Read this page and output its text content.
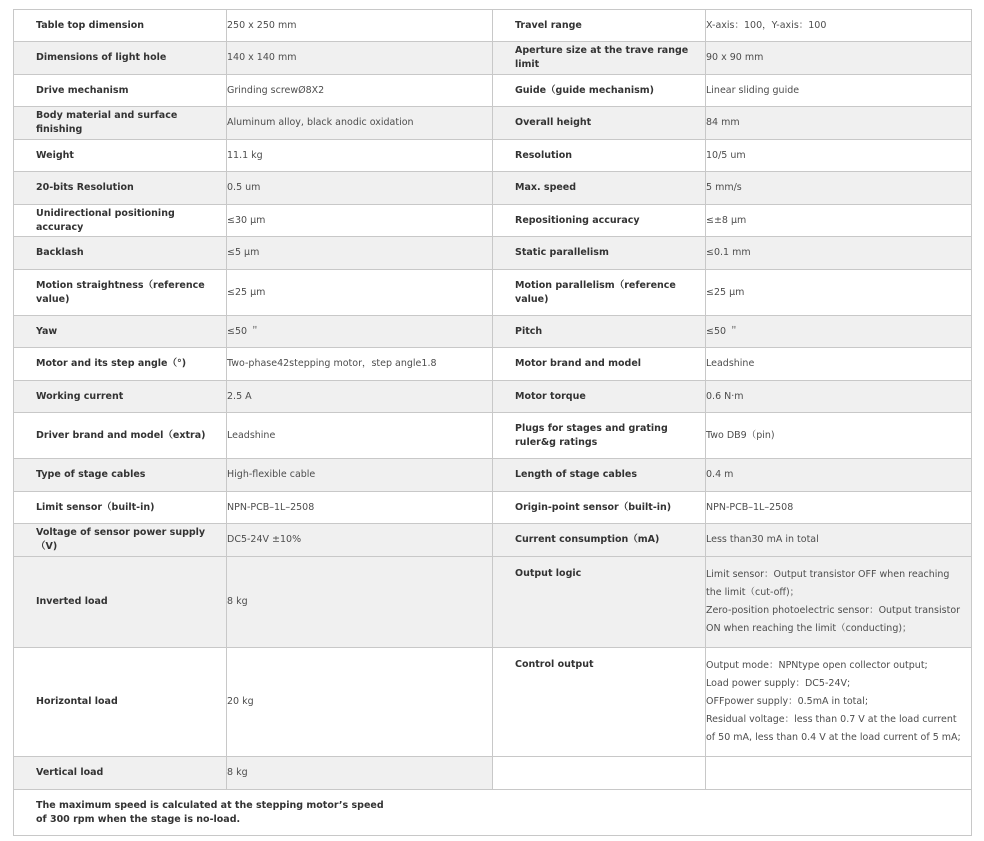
Table top dimension	250 x 250 mm	Travel range	X-axis：100，Y-axis：100
Dimensions of light hole	140 x 140 mm	Aperture size at the trave range limit	90 x 90 mm
Drive mechanism	Grinding screwØ8X2	Guide（guide mechanism)	Linear sliding guide
Body material and surface finishing	Aluminum alloy, black anodic oxidation	Overall height	84 mm
Weight	11.1 kg	Resolution	10/5 um
20-bits Resolution	0.5 um	Max. speed	5 mm/s
Unidirectional positioning accuracy	≤30 μm	Repositioning accuracy	≤±8 μm
Backlash	≤5 μm	Static parallelism	≤0.1 mm
Motion straightness（reference value)	≤25 μm	Motion parallelism（reference value)	≤25 μm
Yaw	≤50 ＂	Pitch	≤50 ＂
Motor and its step angle（°)	Two-phase42stepping motor，step angle1.8	Motor brand and model	Leadshine
Working current	2.5 A	Motor torque	0.6 N·m
Driver brand and model（extra)	Leadshine	Plugs for stages and grating ruler&g ratings	Two DB9（pin)
Type of stage cables	High-flexible cable	Length of stage cables	0.4 m
Limit sensor（built-in)	NPN-PCB–1L–2508	Origin-point sensor（built-in)	NPN-PCB–1L–2508
Voltage of sensor power supply（V)	DC5-24V ±10%	Current consumption（mA)	Less than30 mA in total
Inverted load	8 kg	Output logic	Limit sensor：Output transistor OFF when reaching the limit（cut-off)；
Zero-position photoelectric sensor：Output transistor ON when reaching the limit（conducting)；

Horizontal load	20 kg	Control output	Output mode：NPNtype open collector output;
Load power supply：DC5-24V;
OFFpower supply：0.5mA in total;
Residual voltage：less than 0.7 V at the load current of 50 mA, less than 0.4 V at the load current of 5 mA;

Vertical load	8 kg		

The maximum speed is calculated at the stepping motor’s speed of 300 rpm when the stage is no-load.			
